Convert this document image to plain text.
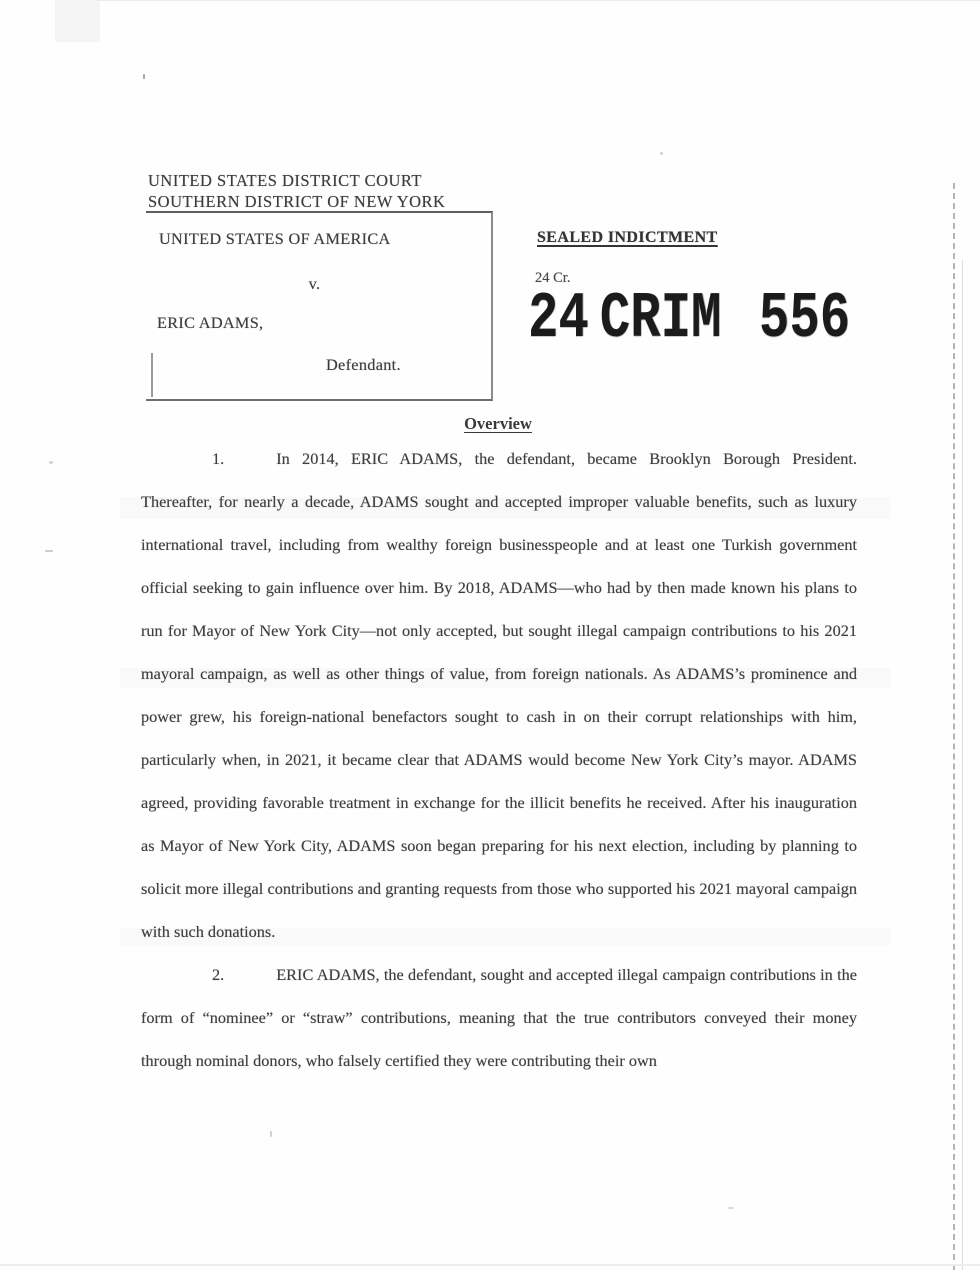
UNITED STATES DISTRICT COURT
SOUTHERN DISTRICT OF NEW YORK
UNITED STATES OF AMERICA
v.
ERIC ADAMS,
Defendant.
SEALED INDICTMENT
24 Cr.
24 CRIM 556
Overview

1.	In 2014, ERIC ADAMS, the defendant, became Brooklyn Borough President. Thereafter, for nearly a decade, ADAMS sought and accepted improper valuable benefits, such as luxury international travel, including from wealthy foreign businesspeople and at least one Turkish government official seeking to gain influence over him. By 2018, ADAMS—who had by then made known his plans to run for Mayor of New York City—not only accepted, but sought illegal campaign contributions to his 2021 mayoral campaign, as well as other things of value, from foreign nationals. As ADAMS’s prominence and power grew, his foreign-national benefactors sought to cash in on their corrupt relationships with him, particularly when, in 2021, it became clear that ADAMS would become New York City’s mayor. ADAMS agreed, providing favorable treatment in exchange for the illicit benefits he received. After his inauguration as Mayor of New York City, ADAMS soon began preparing for his next election, including by planning to solicit more illegal contributions and granting requests from those who supported his 2021 mayoral campaign with such donations.

2.	ERIC ADAMS, the defendant, sought and accepted illegal campaign contributions in the form of “nominee” or “straw” contributions, meaning that the true contributors conveyed their money through nominal donors, who falsely certified they were contributing their own
